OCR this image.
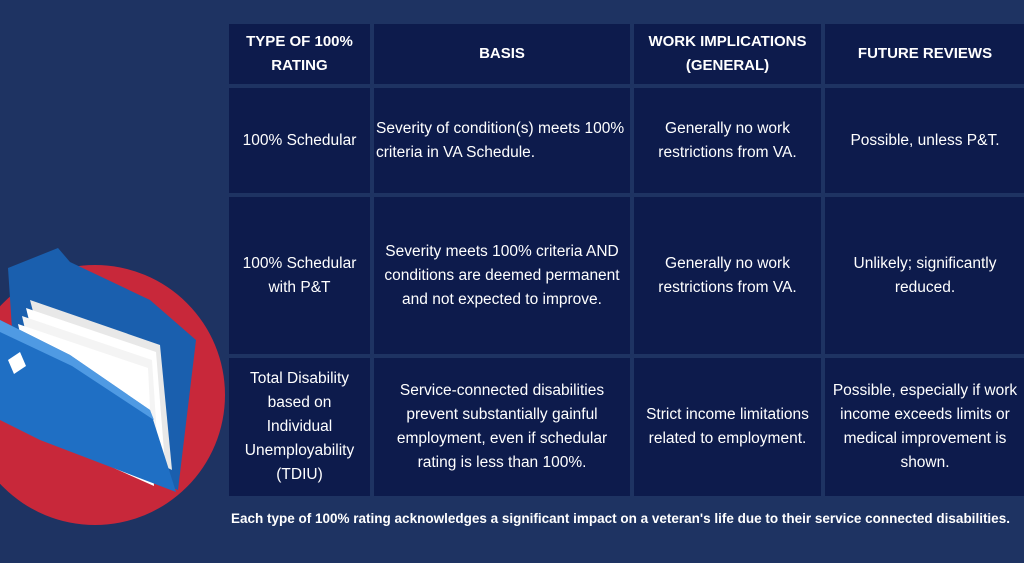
TYPE OF 100% RATING
BASIS
WORK IMPLICATIONS (GENERAL)
FUTURE REVIEWS
100% Schedular
Severity of condition(s) meets 100% criteria in VA Schedule.
Generally no work restrictions from VA.
Possible, unless P&T.
100% Schedular with P&T
Severity meets 100% criteria AND conditions are deemed permanent and not expected to improve.
Generally no work restrictions from VA.
Unlikely; significantly reduced.
Total Disability based on Individual Unemployability (TDIU)
Service-connected disabilities prevent substantially gainful employment, even if schedular rating is less than 100%.
Strict income limitations related to employment.
Possible, especially if work income exceeds limits or medical improvement is shown.
Each type of 100% rating acknowledges a significant impact on a veteran's life due to their service connected disabilities.
